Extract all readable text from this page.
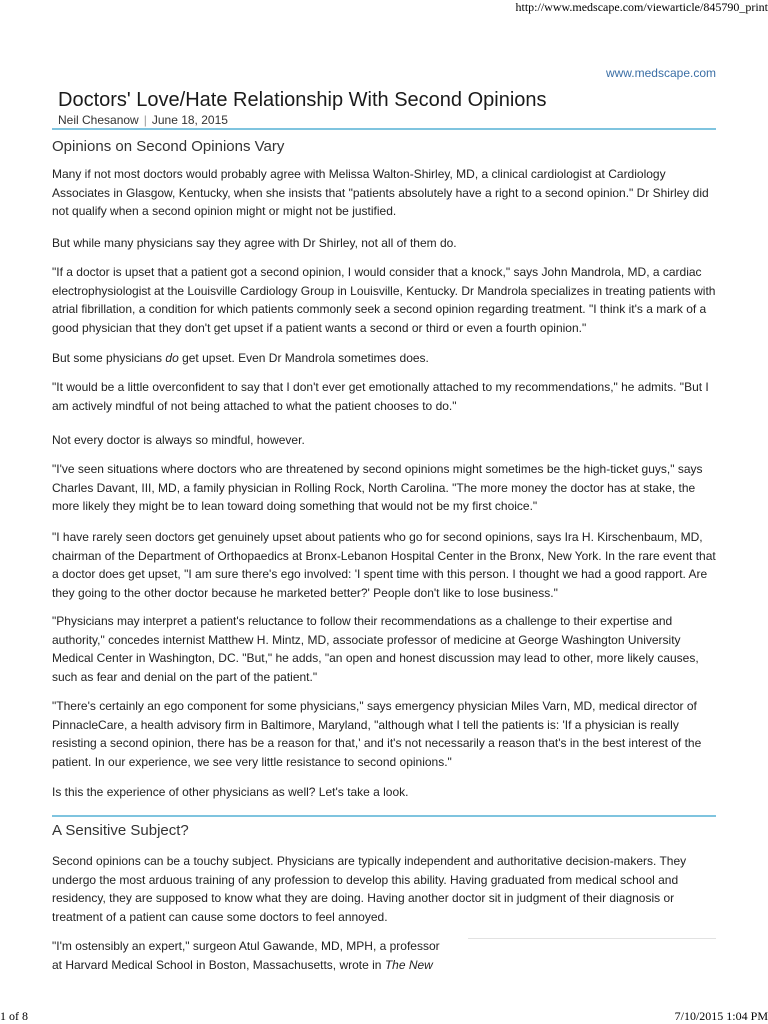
http://www.medscape.com/viewarticle/845790_print
www.medscape.com
Doctors' Love/Hate Relationship With Second Opinions
Neil Chesanow | June 18, 2015
Opinions on Second Opinions Vary

Many if not most doctors would probably agree with Melissa Walton-Shirley, MD, a clinical cardiologist at Cardiology Associates in Glasgow, Kentucky, when she insists that "patients absolutely have a right to a second opinion." Dr Shirley did not qualify when a second opinion might or might not be justified.

But while many physicians say they agree with Dr Shirley, not all of them do.

"If a doctor is upset that a patient got a second opinion, I would consider that a knock," says John Mandrola, MD, a cardiac electrophysiologist at the Louisville Cardiology Group in Louisville, Kentucky. Dr Mandrola specializes in treating patients with atrial fibrillation, a condition for which patients commonly seek a second opinion regarding treatment. "I think it's a mark of a good physician that they don't get upset if a patient wants a second or third or even a fourth opinion."

But some physicians do get upset. Even Dr Mandrola sometimes does.

"It would be a little overconfident to say that I don't ever get emotionally attached to my recommendations," he admits. "But I am actively mindful of not being attached to what the patient chooses to do."

Not every doctor is always so mindful, however.

"I've seen situations where doctors who are threatened by second opinions might sometimes be the high-ticket guys," says Charles Davant, III, MD, a family physician in Rolling Rock, North Carolina. "The more money the doctor has at stake, the more likely they might be to lean toward doing something that would not be my first choice."

"I have rarely seen doctors get genuinely upset about patients who go for second opinions, says Ira H. Kirschenbaum, MD, chairman of the Department of Orthopaedics at Bronx-Lebanon Hospital Center in the Bronx, New York. In the rare event that a doctor does get upset, "I am sure there's ego involved: 'I spent time with this person. I thought we had a good rapport. Are they going to the other doctor because he marketed better?' People don't like to lose business."

"Physicians may interpret a patient's reluctance to follow their recommendations as a challenge to their expertise and authority," concedes internist Matthew H. Mintz, MD, associate professor of medicine at George Washington University Medical Center in Washington, DC. "But," he adds, "an open and honest discussion may lead to other, more likely causes, such as fear and denial on the part of the patient."

"There's certainly an ego component for some physicians," says emergency physician Miles Varn, MD, medical director of PinnacleCare, a health advisory firm in Baltimore, Maryland, "although what I tell the patients is: 'If a physician is really resisting a second opinion, there has be a reason for that,' and it's not necessarily a reason that's in the best interest of the patient. In our experience, we see very little resistance to second opinions."

Is this the experience of other physicians as well? Let's take a look.

A Sensitive Subject?

Second opinions can be a touchy subject. Physicians are typically independent and authoritative decision-makers. They undergo the most arduous training of any profession to develop this ability. Having graduated from medical school and residency, they are supposed to know what they are doing. Having another doctor sit in judgment of their diagnosis or treatment of a patient can cause some doctors to feel annoyed.

"I'm ostensibly an expert," surgeon Atul Gawande, MD, MPH, a professor at Harvard Medical School in Boston, Massachusetts, wrote in The New

1 of 8	7/10/2015 1:04 PM
